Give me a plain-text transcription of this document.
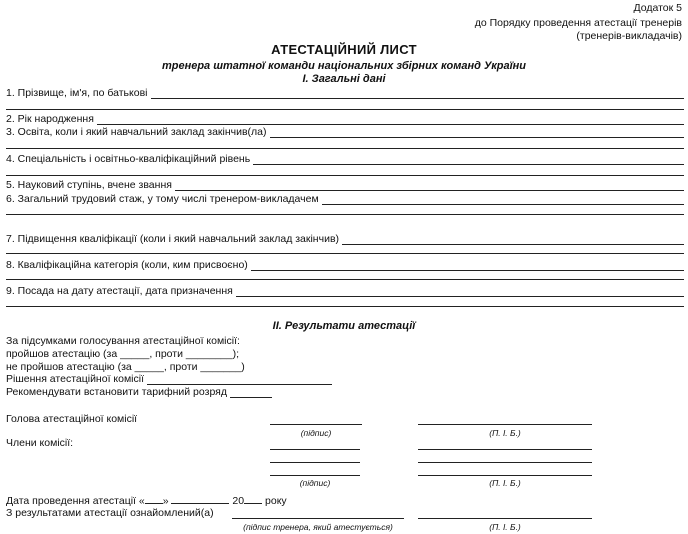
Додаток 5
до Порядку проведення атестації тренерів
(тренерів-викладачів)
АТЕСТАЦІЙНИЙ ЛИСТ
тренера штатної команди національних збірних команд України
І. Загальні дані
1. Прізвище, ім'я, по батькові
2. Рік народження
3. Освіта, коли і який навчальний заклад закінчив(ла)
4. Спеціальність і освітньо-кваліфікаційний рівень
5. Науковий ступінь, вчене звання
6. Загальний трудовий стаж, у тому числі тренером-викладачем
7. Підвищення кваліфікації (коли і який навчальний заклад закінчив)
8. Кваліфікаційна категорія (коли, ким присвоєно)
9. Посада на дату атестації, дата призначення
ІІ. Результати атестації
За підсумками голосування атестаційної комісії:
пройшов атестацію (за _____, проти ________);
не пройшов атестацію (за _____, проти _______)
Рішення атестаційної комісії
Рекомендувати встановити тарифний розряд
Голова атестаційної комісії
(підпис)	(П. І. Б.)
Члени комісії:
(підпис)	(П. І. Б.)
Дата проведення атестації « »	20 року
З результатами атестації ознайомлений(а)
(підпис тренера, який атестується)	(П. І. Б.)
